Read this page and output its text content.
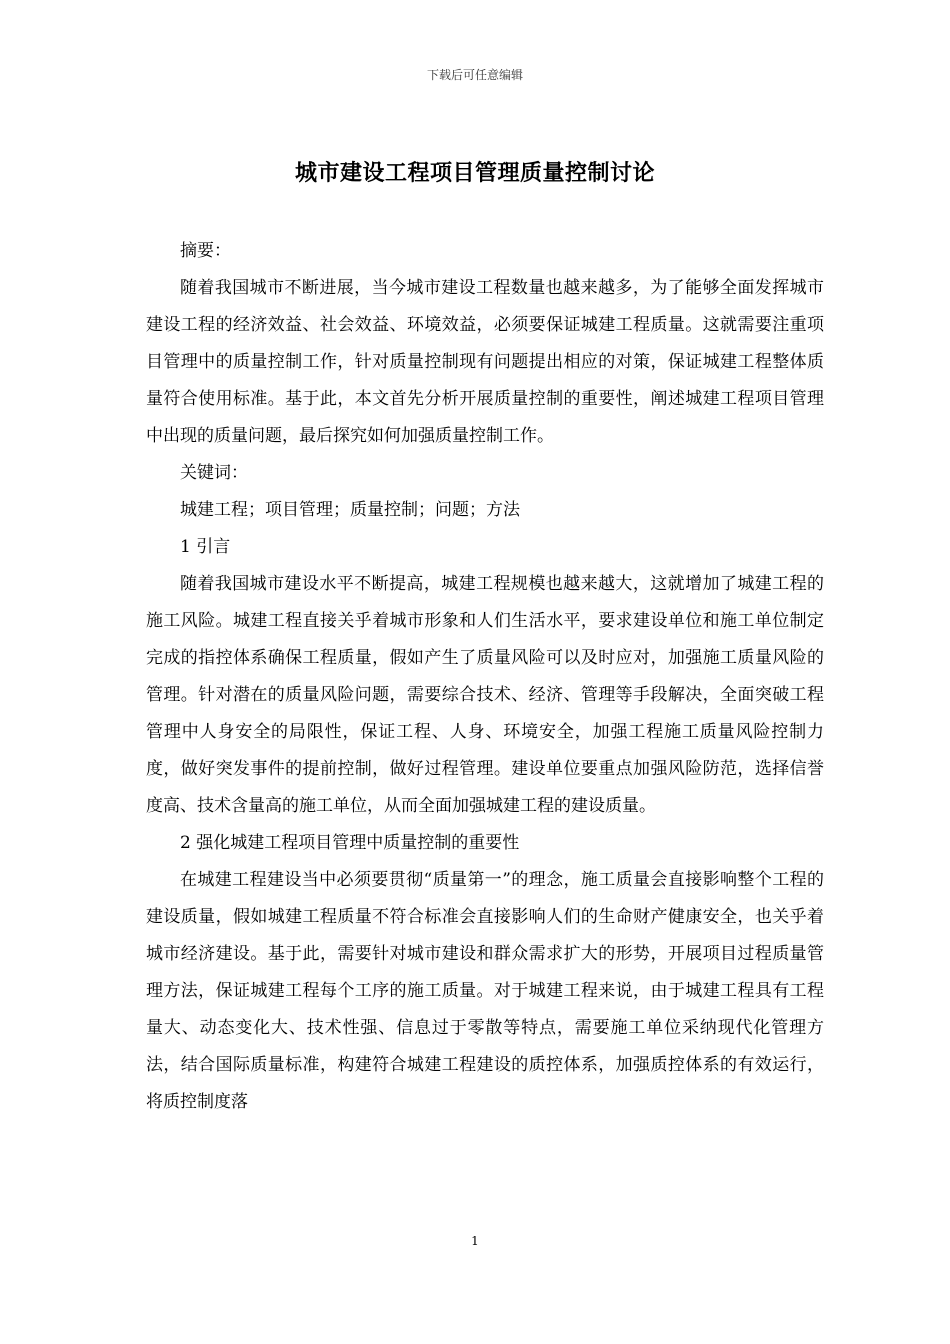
下载后可任意编辑
城市建设工程项目管理质量控制讨论

摘要：

随着我国城市不断进展，当今城市建设工程数量也越来越多，为了能够全面发挥城市建设工程的经济效益、社会效益、环境效益，必须要保证城建工程质量。这就需要注重项目管理中的质量控制工作，针对质量控制现有问题提出相应的对策，保证城建工程整体质量符合使用标准。基于此，本文首先分析开展质量控制的重要性，阐述城建工程项目管理中出现的质量问题，最后探究如何加强质量控制工作。

关键词：

城建工程；项目管理；质量控制；问题；方法

1 引言

随着我国城市建设水平不断提高，城建工程规模也越来越大，这就增加了城建工程的施工风险。城建工程直接关乎着城市形象和人们生活水平，要求建设单位和施工单位制定完成的指控体系确保工程质量，假如产生了质量风险可以及时应对，加强施工质量风险的管理。针对潜在的质量风险问题，需要综合技术、经济、管理等手段解决，全面突破工程管理中人身安全的局限性，保证工程、人身、环境安全，加强工程施工质量风险控制力度，做好突发事件的提前控制，做好过程管理。建设单位要重点加强风险防范，选择信誉度高、技术含量高的施工单位，从而全面加强城建工程的建设质量。

2 强化城建工程项目管理中质量控制的重要性

在城建工程建设当中必须要贯彻“质量第一”的理念，施工质量会直接影响整个工程的建设质量，假如城建工程质量不符合标准会直接影响人们的生命财产健康安全，也关乎着城市经济建设。基于此，需要针对城市建设和群众需求扩大的形势，开展项目过程质量管理方法，保证城建工程每个工序的施工质量。对于城建工程来说，由于城建工程具有工程量大、动态变化大、技术性强、信息过于零散等特点，需要施工单位采纳现代化管理方法，结合国际质量标准，构建符合城建工程建设的质控体系，加强质控体系的有效运行，将质控制度落

1
